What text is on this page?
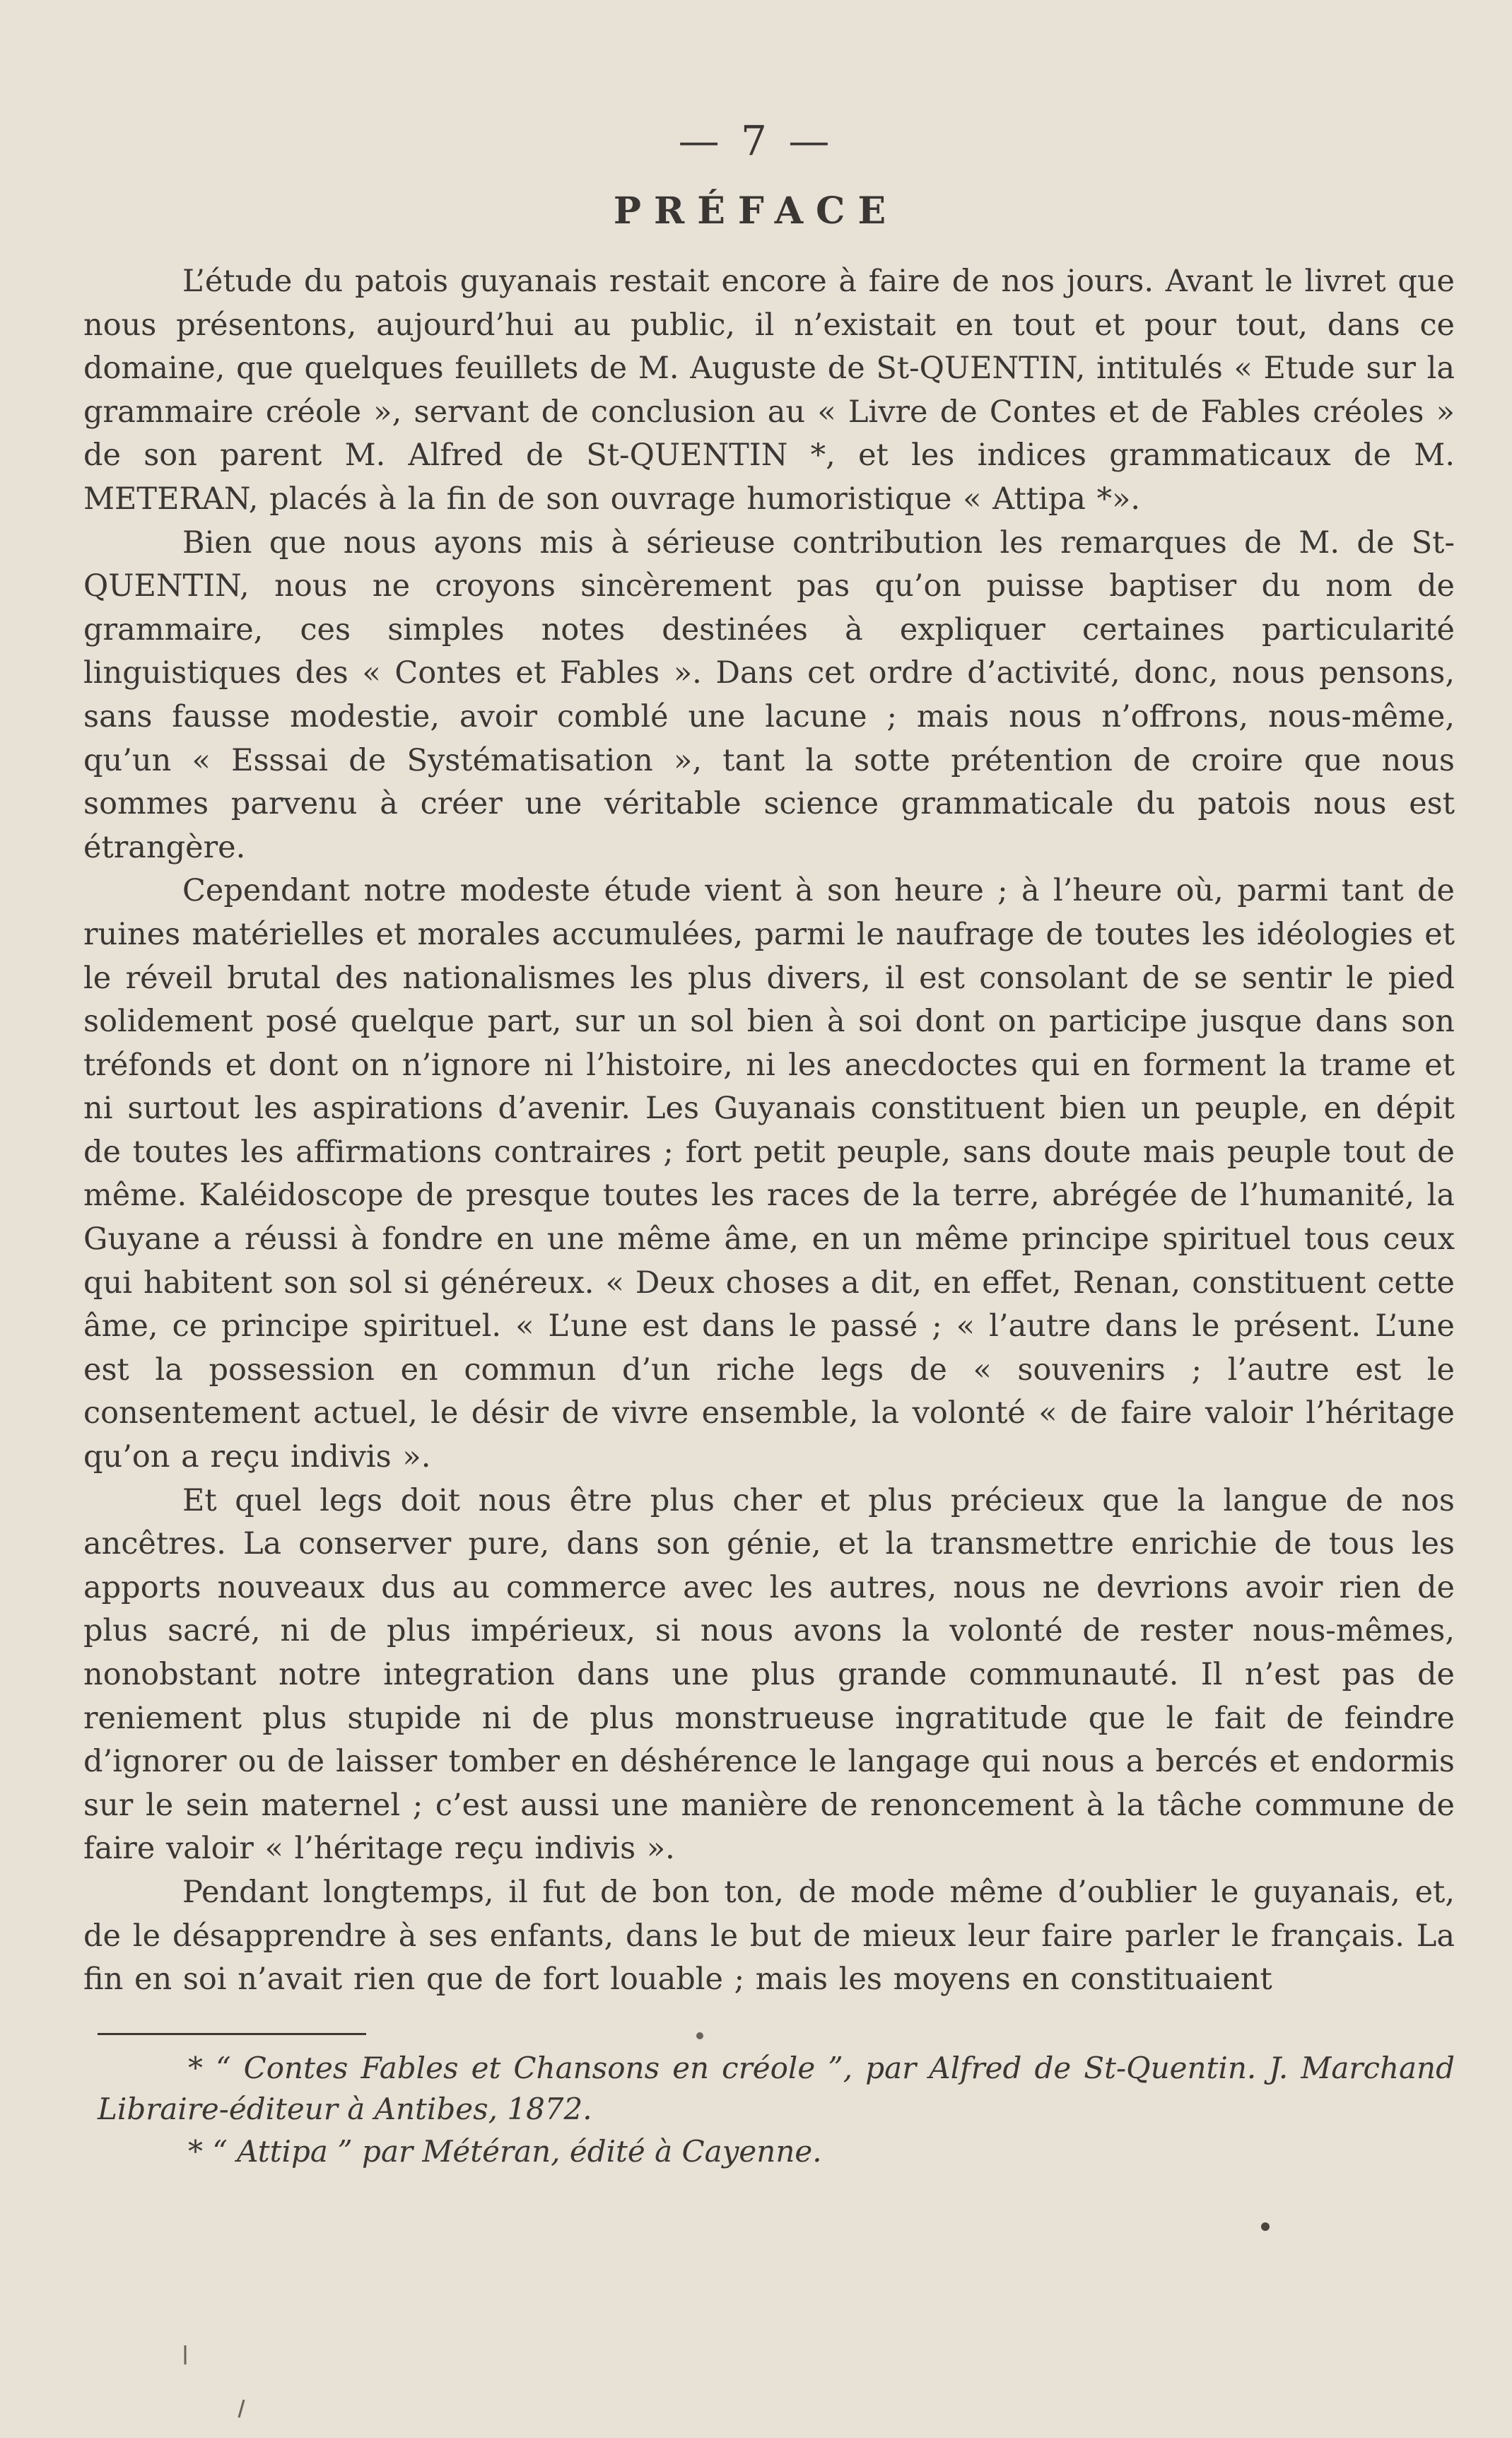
— 7 —
PRÉFACE

L’étude du patois guyanais restait encore à faire de nos jours. Avant le livret que nous présentons, aujourd’hui au public, il n’existait en tout et pour tout, dans ce domaine, que quelques feuillets de M. Auguste de St-QUENTIN, intitulés « Etude sur la grammaire créole », servant de conclusion au « Livre de Contes et de Fables créoles » de son parent M. Alfred de St-QUENTIN *, et les indices grammaticaux de M. METERAN, placés à la fin de son ouvrage humoristique « Attipa *».

Bien que nous ayons mis à sérieuse contribution les remarques de M. de St-QUENTIN, nous ne croyons sincèrement pas qu’on puisse baptiser du nom de grammaire, ces simples notes destinées à expliquer certaines particularité linguistiques des « Contes et Fables ». Dans cet ordre d’activité, donc, nous pensons, sans fausse modestie, avoir comblé une lacune ; mais nous n’offrons, nous-même, qu’un « Esssai de Systématisation », tant la sotte prétention de croire que nous sommes parvenu à créer une véritable science grammaticale du patois nous est étrangère.

Cependant notre modeste étude vient à son heure ; à l’heure où, parmi tant de ruines matérielles et morales accumulées, parmi le naufrage de toutes les idéologies et le réveil brutal des nationalismes les plus divers, il est consolant de se sentir le pied solidement posé quelque part, sur un sol bien à soi dont on participe jusque dans son tréfonds et dont on n’ignore ni l’histoire, ni les anecdoctes qui en forment la trame et ni surtout les aspirations d’avenir. Les Guyanais constituent bien un peuple, en dépit de toutes les affirmations contraires ; fort petit peuple, sans doute mais peuple tout de même. Kaléidoscope de presque toutes les races de la terre, abrégée de l’humanité, la Guyane a réussi à fondre en une même âme, en un même principe spirituel tous ceux qui habitent son sol si généreux. « Deux choses a dit, en effet, Renan, constituent cette âme, ce principe spirituel. « L’une est dans le passé ; « l’autre dans le présent. L’une est la possession en commun d’un riche legs de « souvenirs ; l’autre est le consentement actuel, le désir de vivre ensemble, la volonté « de faire valoir l’héritage qu’on a reçu indivis ».

Et quel legs doit nous être plus cher et plus précieux que la langue de nos ancêtres. La conserver pure, dans son génie, et la transmettre enrichie de tous les apports nouveaux dus au commerce avec les autres, nous ne devrions avoir rien de plus sacré, ni de plus impérieux, si nous avons la volonté de rester nous-mêmes, nonobstant notre integration dans une plus grande communauté. Il n’est pas de reniement plus stupide ni de plus monstrueuse ingratitude que le fait de feindre d’ignorer ou de laisser tomber en déshérence le langage qui nous a bercés et endormis sur le sein maternel ; c’est aussi une manière de renoncement à la tâche commune de faire valoir « l’héritage reçu indivis ».

Pendant longtemps, il fut de bon ton, de mode même d’oublier le guyanais, et, de le désapprendre à ses enfants, dans le but de mieux leur faire parler le français. La fin en soi n’avait rien que de fort louable ; mais les moyens en constituaient

* “ Contes Fables et Chansons en créole ”, par Alfred de St-Quentin. J. Marchand Libraire-éditeur à Antibes, 1872.

* “ Attipa ” par Météran, édité à Cayenne.
